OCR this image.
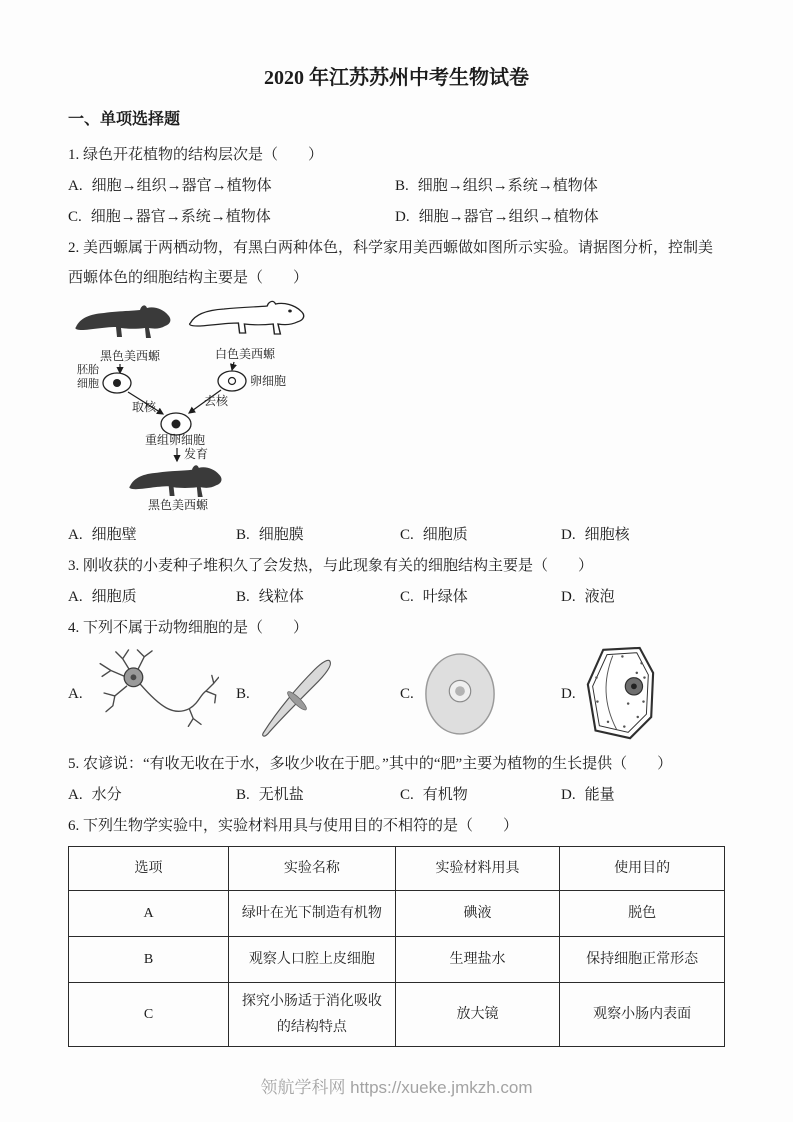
2020 年江苏苏州中考生物试卷
一、单项选择题

1. 绿色开花植物的结构层次是（　　）

A. 细胞→组织→器官→植物体	B. 细胞→组织→系统→植物体
C. 细胞→器官→系统→植物体	D. 细胞→器官→组织→植物体

2. 美西螈属于两栖动物，有黑白两种体色，科学家用美西螈做如图所示实验。请据图分析，控制美西螈体色的细胞结构主要是（　　）

黑色美西螈	白色美西螈
胚胎
细胞	卵细胞
取核	去核
重组卵细胞
发育
黑色美西螈
A. 细胞壁	B. 细胞膜	C. 细胞质	D. 细胞核

3. 刚收获的小麦种子堆积久了会发热，与此现象有关的细胞结构主要是（　　）

A. 细胞质	B. 线粒体	C. 叶绿体	D. 液泡

4. 下列不属于动物细胞的是（　　）

A.	B.	C.	D.

5. 农谚说：“有收无收在于水，多收少收在于肥。”其中的“肥”主要为植物的生长提供（　　）

A. 水分	B. 无机盐	C. 有机物	D. 能量

6. 下列生物学实验中，实验材料用具与使用目的不相符的是（　　）

选项	实验名称	实验材料用具	使用目的
A	绿叶在光下制造有机物	碘液	脱色
B	观察人口腔上皮细胞	生理盐水	保持细胞正常形态
C	探究小肠适于消化吸收的结构特点	放大镜	观察小肠内表面
领航学科网 https://xueke.jmkzh.com
